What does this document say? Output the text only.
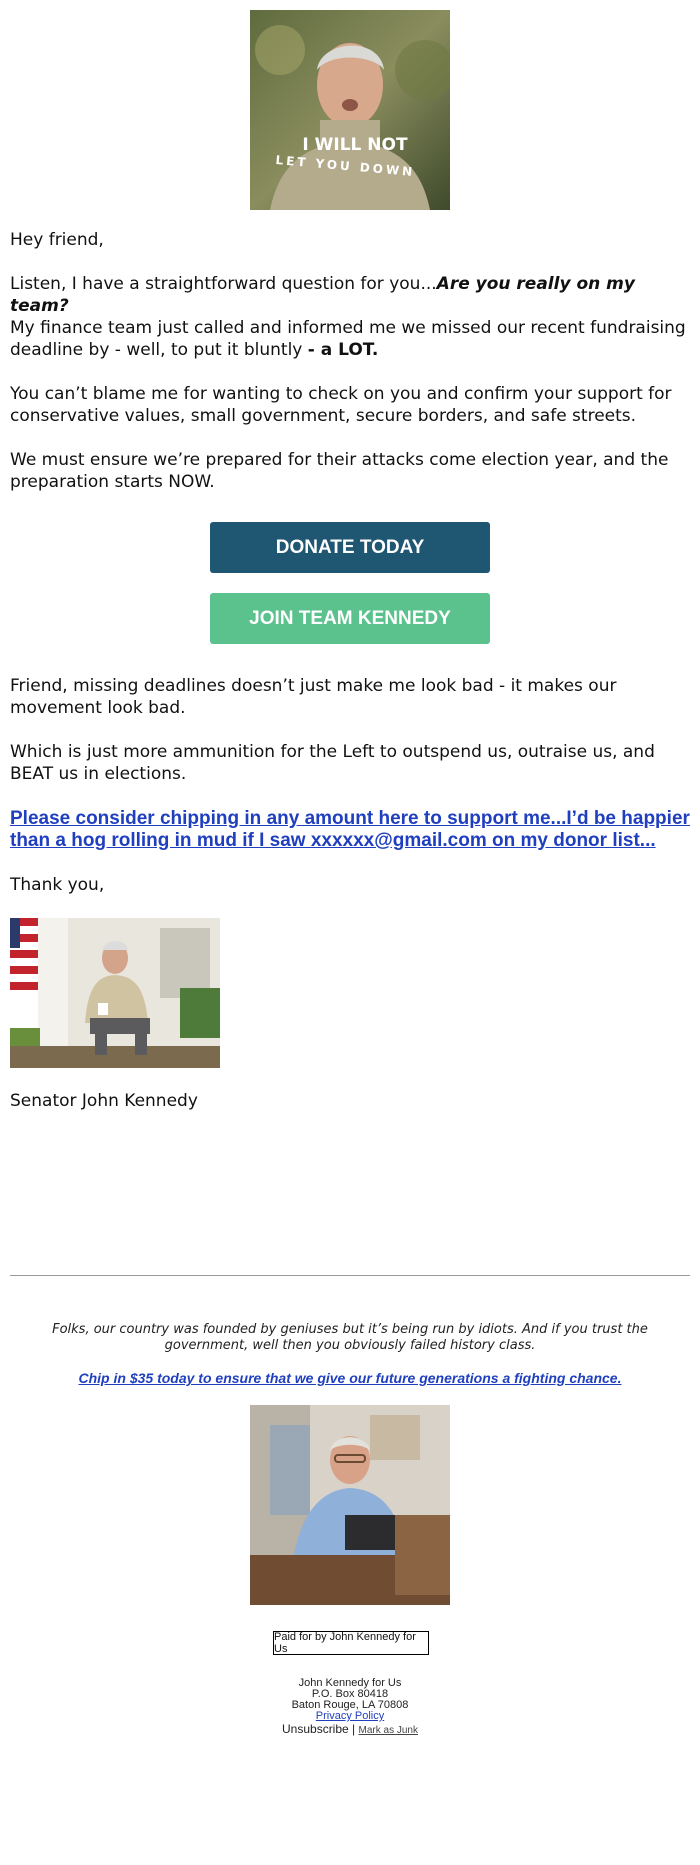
I WILL NOT
LET YOU DOWN
Hey friend,
Listen, I have a straightforward question for you...Are you really on my team?
My finance team just called and informed me we missed our recent fundraising deadline by - well, to put it bluntly - a LOT.
You can’t blame me for wanting to check on you and confirm your support for conservative values, small government, secure borders, and safe streets.
We must ensure we’re prepared for their attacks come election year, and the preparation starts NOW.
DONATE TODAY
JOIN TEAM KENNEDY
Friend, missing deadlines doesn’t just make me look bad - it makes our movement look bad.
Which is just more ammunition for the Left to outspend us, outraise us, and BEAT us in elections.
Please consider chipping in any amount here to support me...I’d be happier than a hog rolling in mud if I saw xxxxxx@gmail.com on my donor list...
Thank you,
Senator John Kennedy
Folks, our country was founded by geniuses but it’s being run by idiots. And if you trust the government, well then you obviously failed history class.
Chip in $35 today to ensure that we give our future generations a fighting chance.
Paid for by John Kennedy for Us
John Kennedy for Us
P.O. Box 80418
Baton Rouge, LA 70808
Privacy Policy
Unsubscribe | Mark as Junk
